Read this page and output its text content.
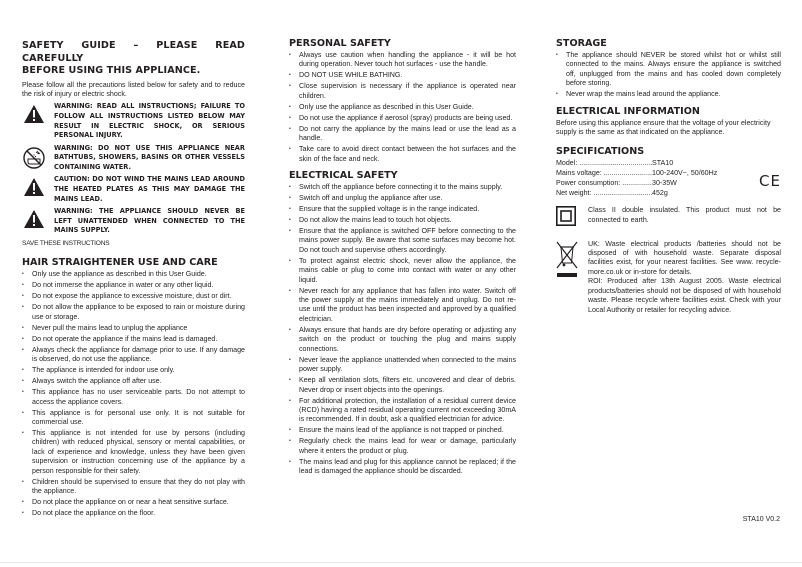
SAFETY GUIDE – PLEASE READ CAREFULLY
BEFORE USING THIS APPLIANCE.

Please follow all the precautions listed below for safety and to reduce the risk of injury or electric shock.

WARNING: READ ALL INSTRUCTIONS; FAILURE TO FOLLOW ALL INSTRUCTIONS LISTED BELOW MAY RESULT IN ELECTRIC SHOCK, OR SERIOUS PERSONAL INJURY.
WARNING: DO NOT USE THIS APPLIANCE NEAR BATHTUBS, SHOWERS, BASINS OR OTHER VESSELS CONTAINING WATER.
CAUTION: DO NOT WIND THE MAINS LEAD AROUND THE HEATED PLATES AS THIS MAY DAMAGE THE MAINS LEAD.
WARNING: THE APPLIANCE SHOULD NEVER BE LEFT UNATTENDED WHEN CONNECTED TO THE MAINS SUPPLY.
SAVE THESE INSTRUCTIONS
HAIR STRAIGHTENER USE AND CARE
• Only use the appliance as described in this User Guide.
• Do not immerse the appliance in water or any other liquid.
• Do not expose the appliance to excessive moisture, dust or dirt.
• Do not allow the appliance to be exposed to rain or moisture during use or storage.
• Never pull the mains lead to unplug the appliance
• Do not operate the appliance if the mains lead is damaged.
• Always check the appliance for damage prior to use. If any damage is observed, do not use the appliance.
• The appliance is intended for indoor use only.
• Always switch the appliance off after use.
• This appliance has no user serviceable parts. Do not attempt to access the appliance covers.
• This appliance is for personal use only. It is not suitable for commercial use.
• This appliance is not intended for use by persons (including children) with reduced physical, sensory or mental capabilities, or lack of experience and knowledge, unless they have been given supervision or instruction concerning use of the appliance by a person responsible for their safety.
• Children should be supervised to ensure that they do not play with the appliance.
• Do not place the appliance on or near a heat sensitive surface.
• Do not place the appliance on the floor.
PERSONAL SAFETY
• Always use caution when handling the appliance - it will be hot during operation. Never touch hot surfaces - use the handle.
• DO NOT USE WHILE BATHING.
• Close supervision is necessary if the appliance is operated near children.
• Only use the appliance as described in this User Guide.
• Do not use the appliance if aerosol (spray) products are being used.
• Do not carry the appliance by the mains lead or use the lead as a handle.
• Take care to avoid direct contact between the hot surfaces and the skin of the face and neck.
ELECTRICAL SAFETY
• Switch off the appliance before connecting it to the mains supply.
• Switch off and unplug the appliance after use.
• Ensure that the supplied voltage is in the range indicated.
• Do not allow the mains lead to touch hot objects.
• Ensure that the appliance is switched OFF before connecting to the mains power supply. Be aware that some surfaces may become hot. Do not touch and supervise others accordingly.
• To protect against electric shock, never allow the appliance, the mains cable or plug to come into contact with water or any other liquid.
• Never reach for any appliance that has fallen into water. Switch off the power supply at the mains immediately and unplug. Do not re-use until the product has been inspected and approved by a qualified electrician.
• Always ensure that hands are dry before operating or adjusting any switch on the product or touching the plug and mains supply connections.
• Never leave the appliance unattended when connected to the mains power supply.
• Keep all ventilation slots, filters etc. uncovered and clear of debris. Never drop or insert objects into the openings.
• For additional protection, the installation of a residual current device (RCD) having a rated residual operating current not exceeding 30mA is recommended. If in doubt, ask a qualified electrician for advice.
• Ensure the mains lead of the appliance is not trapped or pinched.
• Regularly check the mains lead for wear or damage, particularly where it enters the product or plug.
• The mains lead and plug for this appliance cannot be replaced; if the lead is damaged the appliance should be discarded.
STORAGE
• The appliance should NEVER be stored whilst hot or whilst still connected to the mains. Always ensure the appliance is switched off, unplugged from the mains and has cooled down completely before storing.
• Never wrap the mains lead around the appliance.
ELECTRICAL INFORMATION

Before using this appliance ensure that the voltage of your electricity supply is the same as that indicated on the appliance.

SPECIFICATIONS
Model: .....	STA10
Mains voltage: .....	100-240V~, 50/60Hz
Power consumption: .....	30-35W
Net weight: .....	452g
CE

Class II double insulated. This product must not be connected to earth.

UK: Waste electrical products /batteries should not be disposed of with household waste. Separate disposal facilities exist, for your nearest facilities. See www. recycle-more.co.uk or in-store for details.

ROI: Produced after 13th August 2005. Waste electrical products/batteries should not be disposed of with household waste. Please recycle where facilities exist. Check with your Local Authority or retailer for recycling advice.

STA10 V0.2
